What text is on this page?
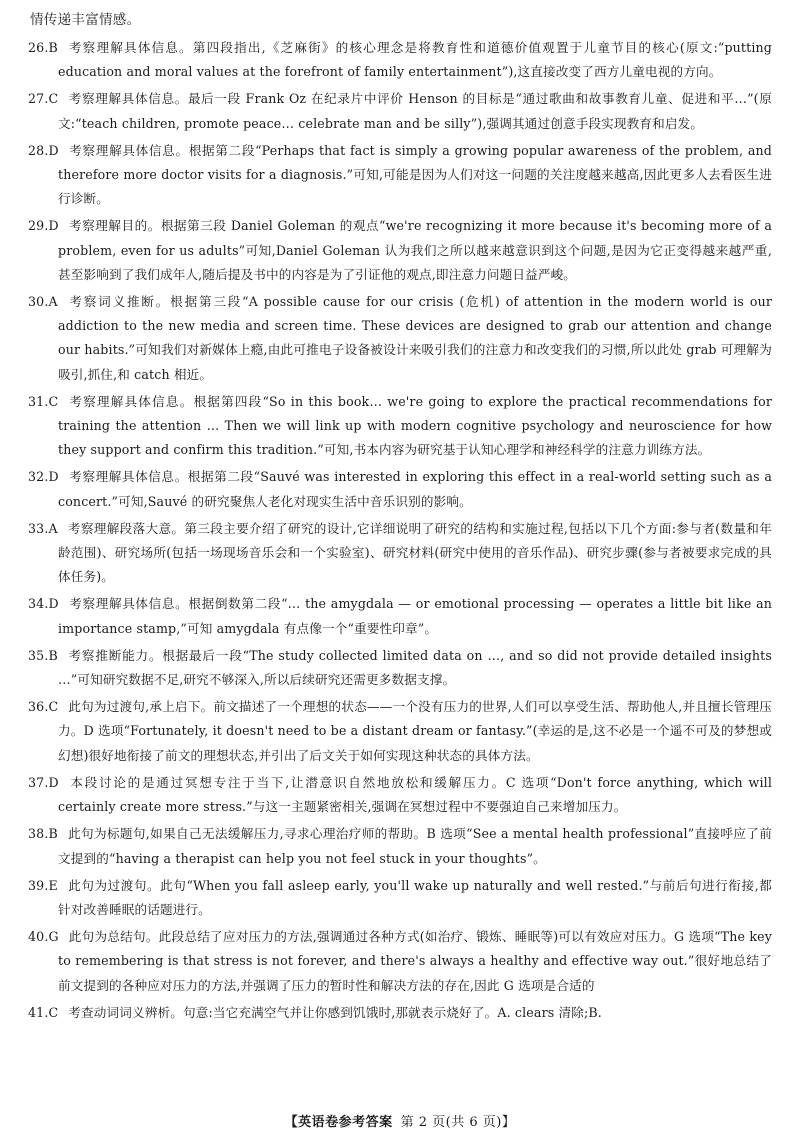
情传递丰富情感。
26.B 考察理解具体信息。第四段指出,《芝麻街》的核心理念是将教育性和道德价值观置于儿童节目的核心(原文:“putting education and moral values at the forefront of family entertainment”),这直接改变了西方儿童电视的方向。
27.C 考察理解具体信息。最后一段 Frank Oz 在纪录片中评价 Henson 的目标是“通过歌曲和故事教育儿童、促进和平…”(原文:“teach children, promote peace… celebrate man and be silly”),强调其通过创意手段实现教育和启发。
28.D 考察理解具体信息。根据第二段“Perhaps that fact is simply a growing popular awareness of the problem, and therefore more doctor visits for a diagnosis.”可知,可能是因为人们对这一问题的关注度越来越高,因此更多人去看医生进行诊断。
29.D 考察理解目的。根据第三段 Daniel Goleman 的观点“we're recognizing it more because it's becoming more of a problem, even for us adults”可知,Daniel Goleman 认为我们之所以越来越意识到这个问题,是因为它正变得越来越严重,甚至影响到了我们成年人,随后提及书中的内容是为了引证他的观点,即注意力问题日益严峻。
30.A 考察词义推断。根据第三段“A possible cause for our crisis (危机) of attention in the modern world is our addiction to the new media and screen time. These devices are designed to grab our attention and change our habits.”可知我们对新媒体上瘾,由此可推电子设备被设计来吸引我们的注意力和改变我们的习惯,所以此处 grab 可理解为吸引,抓住,和 catch 相近。
31.C 考察理解具体信息。根据第四段“So in this book… we're going to explore the practical recommendations for training the attention … Then we will link up with modern cognitive psychology and neuroscience for how they support and confirm this tradition.”可知,书本内容为研究基于认知心理学和神经科学的注意力训练方法。
32.D 考察理解具体信息。根据第二段“Sauvé was interested in exploring this effect in a real-world setting such as a concert.”可知,Sauvé 的研究聚焦人老化对现实生活中音乐识别的影响。
33.A 考察理解段落大意。第三段主要介绍了研究的设计,它详细说明了研究的结构和实施过程,包括以下几个方面:参与者(数量和年龄范围)、研究场所(包括一场现场音乐会和一个实验室)、研究材料(研究中使用的音乐作品)、研究步骤(参与者被要求完成的具体任务)。
34.D 考察理解具体信息。根据倒数第二段“… the amygdala — or emotional processing — operates a little bit like an importance stamp,”可知 amygdala 有点像一个“重要性印章”。
35.B 考察推断能力。根据最后一段“The study collected limited data on …, and so did not provide detailed insights …”可知研究数据不足,研究不够深入,所以后续研究还需更多数据支撑。
36.C 此句为过渡句,承上启下。前文描述了一个理想的状态——一个没有压力的世界,人们可以享受生活、帮助他人,并且擅长管理压力。D 选项“Fortunately, it doesn't need to be a distant dream or fantasy.”(幸运的是,这不必是一个遥不可及的梦想或幻想)很好地衔接了前文的理想状态,并引出了后文关于如何实现这种状态的具体方法。
37.D 本段讨论的是通过冥想专注于当下,让潜意识自然地放松和缓解压力。C 选项“Don't force anything, which will certainly create more stress.”与这一主题紧密相关,强调在冥想过程中不要强迫自己来增加压力。
38.B 此句为标题句,如果自己无法缓解压力,寻求心理治疗师的帮助。B 选项“See a mental health professional”直接呼应了前文提到的“having a therapist can help you not feel stuck in your thoughts”。
39.E 此句为过渡句。此句“When you fall asleep early, you'll wake up naturally and well rested.”与前后句进行衔接,都针对改善睡眠的话题进行。
40.G 此句为总结句。此段总结了应对压力的方法,强调通过各种方式(如治疗、锻炼、睡眠等)可以有效应对压力。G 选项“The key to remembering is that stress is not forever, and there's always a healthy and effective way out.”很好地总结了前文提到的各种应对压力的方法,并强调了压力的暂时性和解决方法的存在,因此 G 选项是合适的
41.C 考查动词词义辨析。句意:当它充满空气并让你感到饥饿时,那就表示烧好了。A. clears 清除;B.
【英语卷参考答案 第 2 页(共 6 页)】
